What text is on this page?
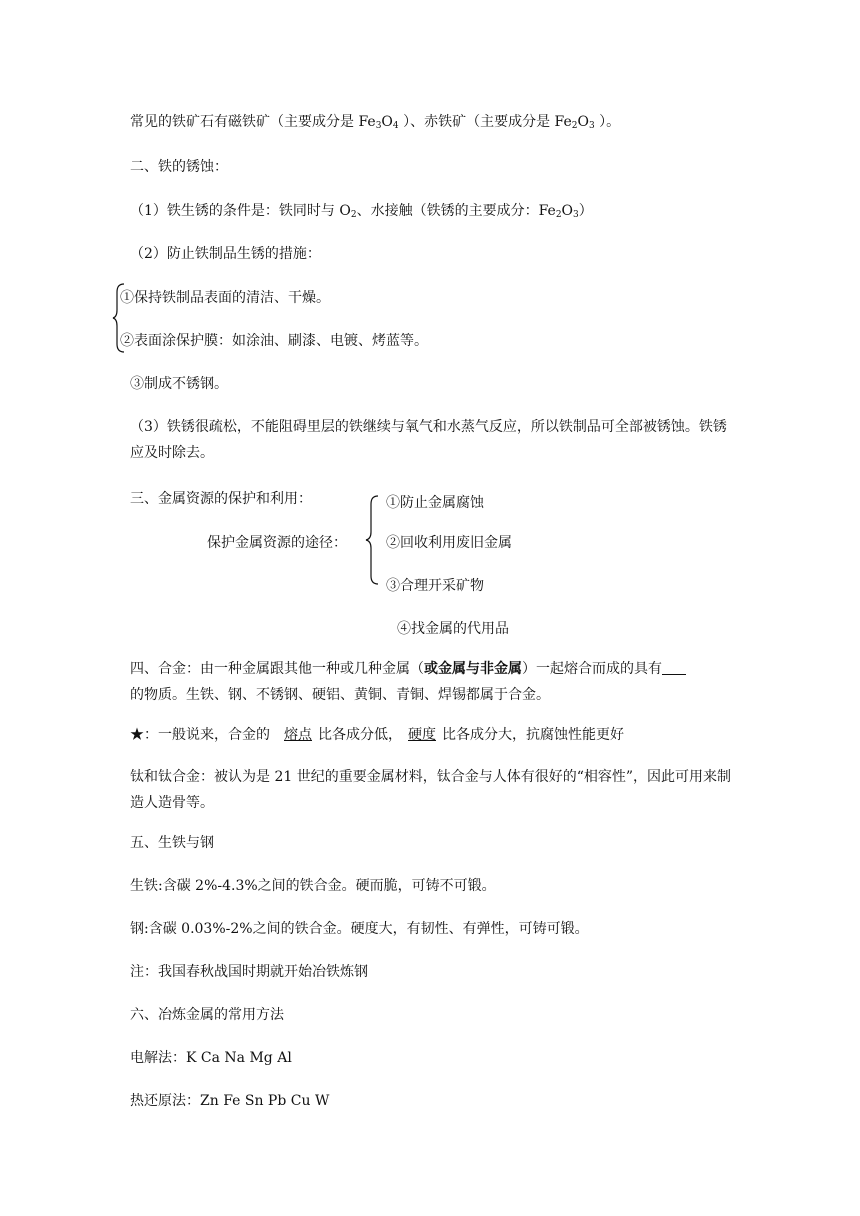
常见的铁矿石有磁铁矿（主要成分是 $Fe_3O_4$ ）、赤铁矿（主要成分是 $Fe_2O_3$ ）。
二、铁的锈蚀：
（1）铁生锈的条件是：铁同时与 $O_2$、水接触（铁锈的主要成分：$Fe_2O_3$）
（2）防止铁制品生锈的措施：
①保持铁制品表面的清洁、干燥。
②表面涂保护膜：如涂油、刷漆、电镀、烤蓝等。
③制成不锈钢。
（3）铁锈很疏松，不能阻碍里层的铁继续与氧气和水蒸气反应，所以铁制品可全部被锈蚀。铁锈应及时除去。
三、金属资源的保护和利用：	①防止金属腐蚀
保护金属资源的途径：	②回收利用废旧金属
③合理开采矿物
④找金属的代用品
四、合金：由一种金属跟其他一种或几种金属（或金属与非金属）一起熔合而成的具有
的物质。生铁、钢、不锈钢、硬铝、黄铜、青铜、焊锡都属于合金。
★：一般说来，合金的 熔点 比各成分低， 硬度 比各成分大，抗腐蚀性能更好
钛和钛合金：被认为是 21 世纪的重要金属材料，钛合金与人体有很好的“相容性”，因此可用来制造人造骨等。
五、生铁与钢
生铁:含碳 2%-4.3%之间的铁合金。硬而脆，可铸不可锻。
钢:含碳 0.03%-2%之间的铁合金。硬度大，有韧性、有弹性，可铸可锻。
注：我国春秋战国时期就开始冶铁炼钢
六、冶炼金属的常用方法
电解法：K Ca Na Mg Al
热还原法：Zn Fe Sn Pb Cu W
